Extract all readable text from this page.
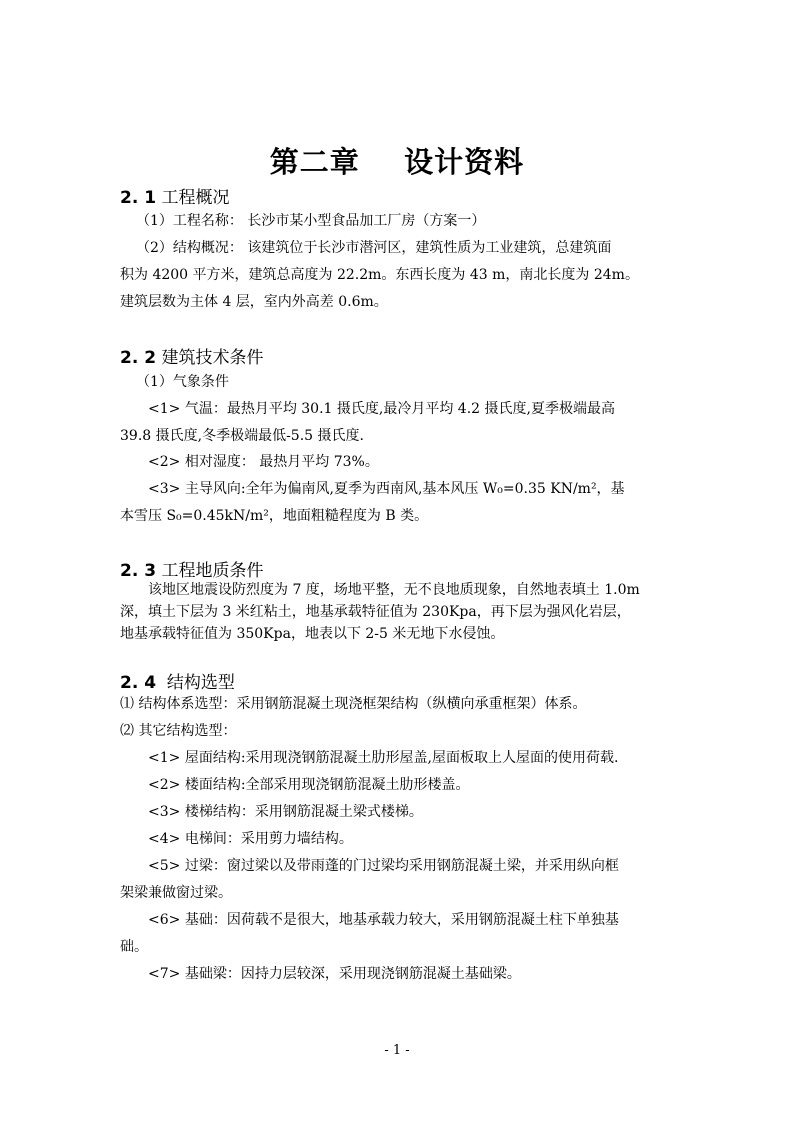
第二章    设计资料
2. 1 工程概况
（1）工程名称： 长沙市某小型食品加工厂房（方案一）
（2）结构概况： 该建筑位于长沙市潜河区，建筑性质为工业建筑，总建筑面
积为 4200 平方米，建筑总高度为 22.2m。东西长度为 43 m，南北长度为 24m。
建筑层数为主体 4 层，室内外高差 0.6m。
2. 2 建筑技术条件
（1）气象条件
<1> 气温：最热月平均 30.1 摄氏度,最冷月平均 4.2 摄氏度,夏季极端最高
39.8 摄氏度,冬季极端最低-5.5 摄氏度.
<2> 相对湿度： 最热月平均 73%。
<3> 主导风向:全年为偏南风,夏季为西南风,基本风压 W₀=0.35 KN/m²，基
本雪压 S₀=0.45kN/m²，地面粗糙程度为 B 类。
2. 3 工程地质条件
该地区地震设防烈度为 7 度，场地平整，无不良地质现象，自然地表填土 1.0m
深，填土下层为 3 米红粘土，地基承载特征值为 230Kpa，再下层为强风化岩层，
地基承载特征值为 350Kpa，地表以下 2-5 米无地下水侵蚀。
2. 4 结构选型
⑴ 结构体系选型：采用钢筋混凝土现浇框架结构（纵横向承重框架）体系。
⑵ 其它结构选型：
<1> 屋面结构:采用现浇钢筋混凝土肋形屋盖,屋面板取上人屋面的使用荷载.
<2> 楼面结构:全部采用现浇钢筋混凝土肋形楼盖。
<3> 楼梯结构：采用钢筋混凝土梁式楼梯。
<4> 电梯间：采用剪力墙结构。
<5> 过梁：窗过梁以及带雨蓬的门过梁均采用钢筋混凝土梁，并采用纵向框
架梁兼做窗过梁。
<6> 基础：因荷载不是很大，地基承载力较大，采用钢筋混凝土柱下单独基
础。
<7> 基础梁：因持力层较深，采用现浇钢筋混凝土基础梁。
- 1 -
